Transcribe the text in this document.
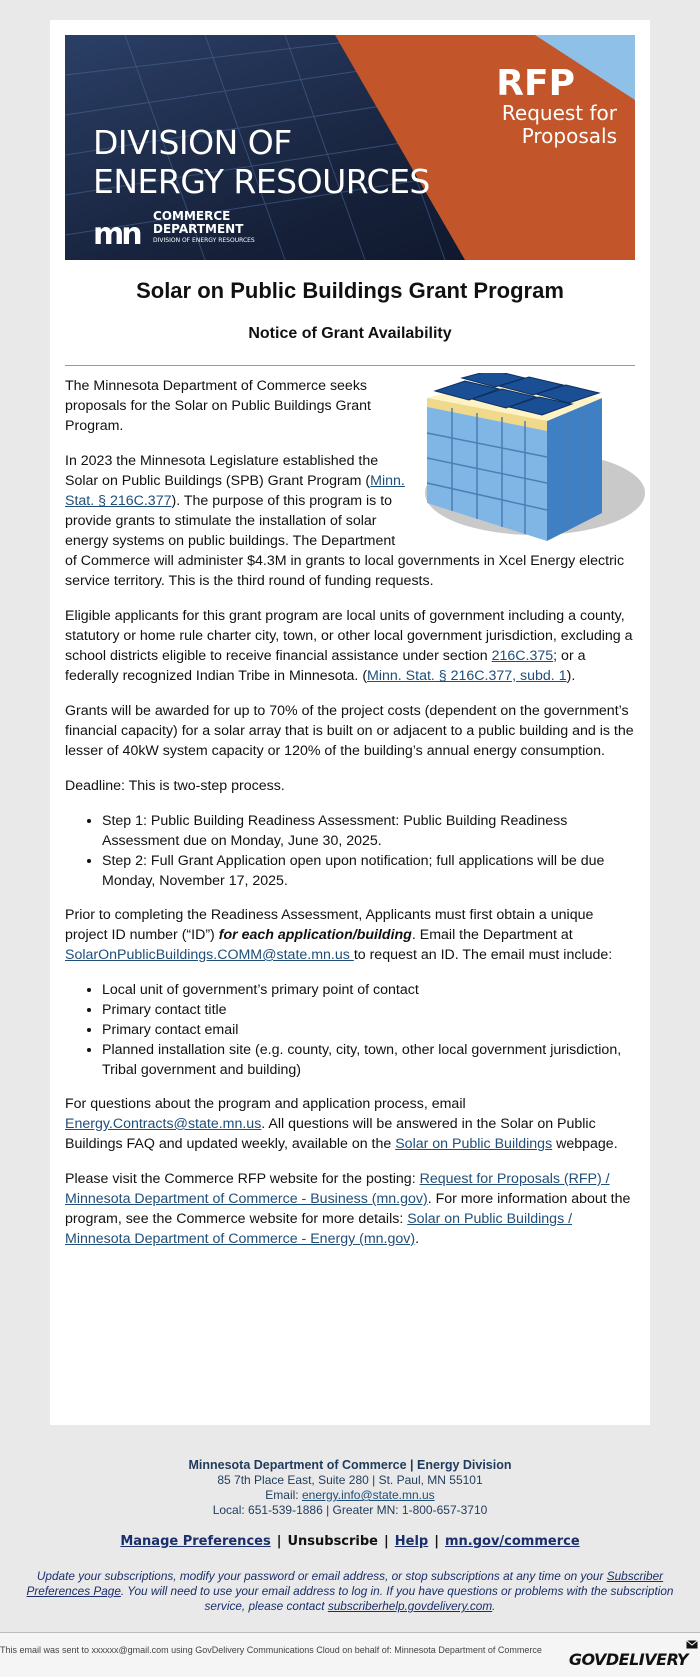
RFP
Request for
Proposals
DIVISION OF
ENERGY RESOURCES
mn
COMMERCE
DEPARTMENT
DIVISION OF ENERGY RESOURCES
Solar on Public Buildings Grant Program
Notice of Grant Availability

The Minnesota Department of Commerce seeks proposals for the Solar on Public Buildings Grant Program.

In 2023 the Minnesota Legislature established the Solar on Public Buildings (SPB) Grant Program (Minn. Stat. § 216C.377). The purpose of this program is to provide grants to stimulate the installation of solar energy systems on public buildings. The Department of Commerce will administer $4.3M in grants to local governments in Xcel Energy electric service territory. This is the third round of funding requests.

Eligible applicants for this grant program are local units of government including a county, statutory or home rule charter city, town, or other local government jurisdiction, excluding a school districts eligible to receive financial assistance under section 216C.375; or a federally recognized Indian Tribe in Minnesota. (Minn. Stat. § 216C.377, subd. 1).

Grants will be awarded for up to 70% of the project costs (dependent on the government’s financial capacity) for a solar array that is built on or adjacent to a public building and is the lesser of 40kW system capacity or 120% of the building’s annual energy consumption.

Deadline: This is two-step process.

• Step 1: Public Building Readiness Assessment: Public Building Readiness Assessment due on Monday, June 30, 2025.
• Step 2: Full Grant Application open upon notification; full applications will be due Monday, November 17, 2025.

Prior to completing the Readiness Assessment, Applicants must first obtain a unique project ID number (“ID”) for each application/building. Email the Department at SolarOnPublicBuildings.COMM@state.mn.us to request an ID. The email must include:

• Local unit of government’s primary point of contact
• Primary contact title
• Primary contact email
• Planned installation site (e.g. county, city, town, other local government jurisdiction, Tribal government and building)

For questions about the program and application process, email Energy.Contracts@state.mn.us. All questions will be answered in the Solar on Public Buildings FAQ and updated weekly, available on the Solar on Public Buildings webpage.

Please visit the Commerce RFP website for the posting: Request for Proposals (RFP) / Minnesota Department of Commerce - Business (mn.gov). For more information about the program, see the Commerce website for more details: Solar on Public Buildings / Minnesota Department of Commerce - Energy (mn.gov).

Minnesota Department of Commerce | Energy Division
85 7th Place East, Suite 280 | St. Paul, MN 55101
Email: energy.info@state.mn.us
Local: 651-539-1886 | Greater MN: 1-800-657-3710
Manage Preferences | Unsubscribe | Help | mn.gov/commerce
Update your subscriptions, modify your password or email address, or stop subscriptions at any time on your Subscriber Preferences Page. You will need to use your email address to log in. If you have questions or problems with the subscription service, please contact subscriberhelp.govdelivery.com.
This email was sent to xxxxxx@gmail.com using GovDelivery Communications Cloud on behalf of: Minnesota Department of Commerce	GOVDELIVERY
